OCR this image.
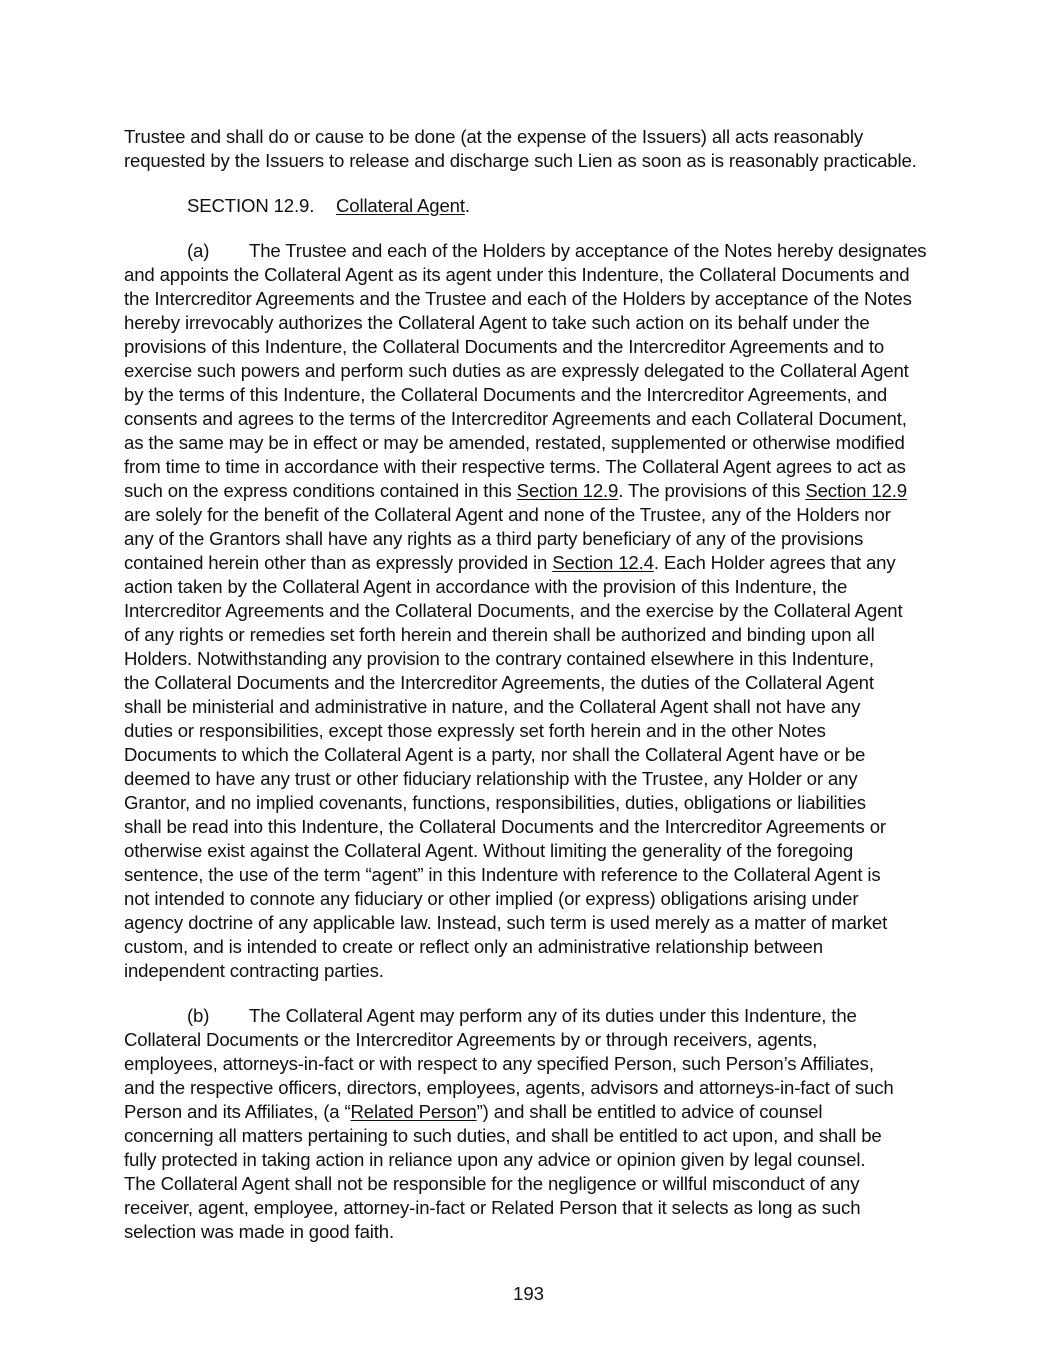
Trustee and shall do or cause to be done (at the expense of the Issuers) all acts reasonably
requested by the Issuers to release and discharge such Lien as soon as is reasonably practicable.
SECTION 12.9. Collateral Agent.
(a) The Trustee and each of the Holders by acceptance of the Notes hereby designates
and appoints the Collateral Agent as its agent under this Indenture, the Collateral Documents and
the Intercreditor Agreements and the Trustee and each of the Holders by acceptance of the Notes
hereby irrevocably authorizes the Collateral Agent to take such action on its behalf under the
provisions of this Indenture, the Collateral Documents and the Intercreditor Agreements and to
exercise such powers and perform such duties as are expressly delegated to the Collateral Agent
by the terms of this Indenture, the Collateral Documents and the Intercreditor Agreements, and
consents and agrees to the terms of the Intercreditor Agreements and each Collateral Document,
as the same may be in effect or may be amended, restated, supplemented or otherwise modified
from time to time in accordance with their respective terms. The Collateral Agent agrees to act as
such on the express conditions contained in this Section 12.9. The provisions of this Section 12.9
are solely for the benefit of the Collateral Agent and none of the Trustee, any of the Holders nor
any of the Grantors shall have any rights as a third party beneficiary of any of the provisions
contained herein other than as expressly provided in Section 12.4. Each Holder agrees that any
action taken by the Collateral Agent in accordance with the provision of this Indenture, the
Intercreditor Agreements and the Collateral Documents, and the exercise by the Collateral Agent
of any rights or remedies set forth herein and therein shall be authorized and binding upon all
Holders. Notwithstanding any provision to the contrary contained elsewhere in this Indenture,
the Collateral Documents and the Intercreditor Agreements, the duties of the Collateral Agent
shall be ministerial and administrative in nature, and the Collateral Agent shall not have any
duties or responsibilities, except those expressly set forth herein and in the other Notes
Documents to which the Collateral Agent is a party, nor shall the Collateral Agent have or be
deemed to have any trust or other fiduciary relationship with the Trustee, any Holder or any
Grantor, and no implied covenants, functions, responsibilities, duties, obligations or liabilities
shall be read into this Indenture, the Collateral Documents and the Intercreditor Agreements or
otherwise exist against the Collateral Agent. Without limiting the generality of the foregoing
sentence, the use of the term “agent” in this Indenture with reference to the Collateral Agent is
not intended to connote any fiduciary or other implied (or express) obligations arising under
agency doctrine of any applicable law. Instead, such term is used merely as a matter of market
custom, and is intended to create or reflect only an administrative relationship between
independent contracting parties.
(b) The Collateral Agent may perform any of its duties under this Indenture, the
Collateral Documents or the Intercreditor Agreements by or through receivers, agents,
employees, attorneys-in-fact or with respect to any specified Person, such Person’s Affiliates,
and the respective officers, directors, employees, agents, advisors and attorneys-in-fact of such
Person and its Affiliates, (a “Related Person”) and shall be entitled to advice of counsel
concerning all matters pertaining to such duties, and shall be entitled to act upon, and shall be
fully protected in taking action in reliance upon any advice or opinion given by legal counsel.
The Collateral Agent shall not be responsible for the negligence or willful misconduct of any
receiver, agent, employee, attorney-in-fact or Related Person that it selects as long as such
selection was made in good faith.
193
